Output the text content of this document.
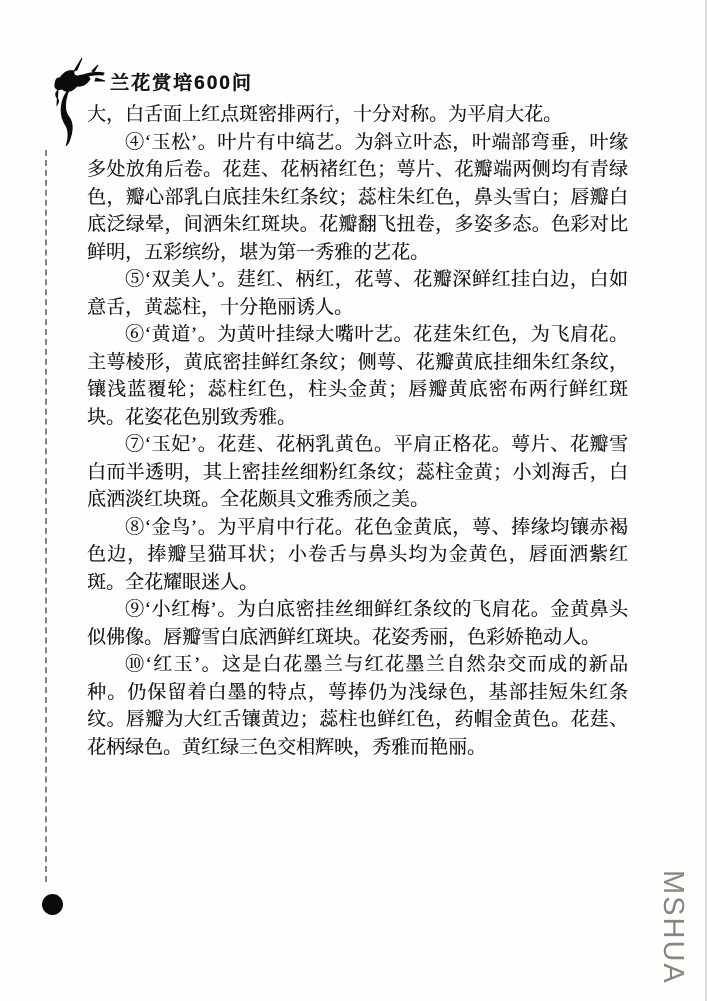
兰花赏培600问

大，白舌面上红点斑密排两行，十分对称。为平肩大花。

④‘玉松’。叶片有中缟艺。为斜立叶态，叶端部弯垂，叶缘多处放角后卷。花莛、花柄褚红色；萼片、花瓣端两侧均有青绿色，瓣心部乳白底挂朱红条纹；蕊柱朱红色，鼻头雪白；唇瓣白底泛绿晕，间洒朱红斑块。花瓣翻飞扭卷，多姿多态。色彩对比鲜明，五彩缤纷，堪为第一秀雅的艺花。

⑤‘双美人’。莛红、柄红，花萼、花瓣深鲜红挂白边，白如意舌，黄蕊柱，十分艳丽诱人。

⑥‘黄道’。为黄叶挂绿大嘴叶艺。花莛朱红色，为飞肩花。主萼棱形，黄底密挂鲜红条纹；侧萼、花瓣黄底挂细朱红条纹，镶浅蓝覆轮；蕊柱红色，柱头金黄；唇瓣黄底密布两行鲜红斑块。花姿花色别致秀雅。

⑦‘玉妃’。花莛、花柄乳黄色。平肩正格花。萼片、花瓣雪白而半透明，其上密挂丝细粉红条纹；蕊柱金黄；小刘海舌，白底洒淡红块斑。全花颇具文雅秀颀之美。

⑧‘金鸟’。为平肩中行花。花色金黄底，萼、捧缘均镶赤褐色边，捧瓣呈猫耳状；小卷舌与鼻头均为金黄色，唇面洒紫红斑。全花耀眼迷人。

⑨‘小红梅’。为白底密挂丝细鲜红条纹的飞肩花。金黄鼻头似佛像。唇瓣雪白底洒鲜红斑块。花姿秀丽，色彩娇艳动人。

⑩‘红玉’。这是白花墨兰与红花墨兰自然杂交而成的新品种。仍保留着白墨的特点，萼捧仍为浅绿色，基部挂短朱红条纹。唇瓣为大红舌镶黄边；蕊柱也鲜红色，药帽金黄色。花莛、花柄绿色。黄红绿三色交相辉映，秀雅而艳丽。

MSHUA
